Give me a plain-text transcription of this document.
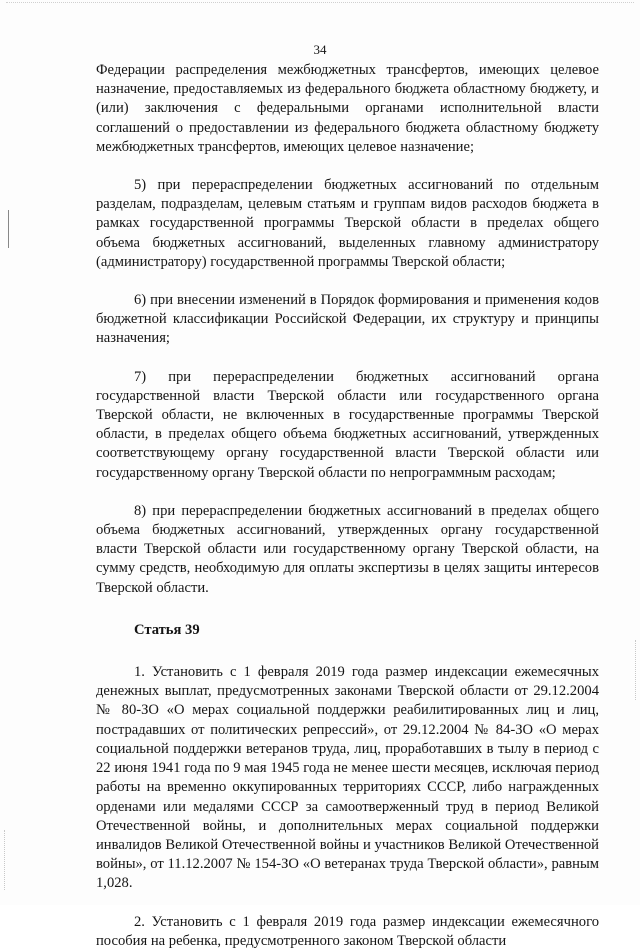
34

Федерации распределения межбюджетных трансфертов, имеющих целевое назначение, предоставляемых из федерального бюджета областному бюджету, и (или) заключения с федеральными органами исполнительной власти соглашений о предоставлении из федерального бюджета областному бюджету межбюджетных трансфертов, имеющих целевое назначение;

5) при перераспределении бюджетных ассигнований по отдельным разделам, подразделам, целевым статьям и группам видов расходов бюджета в рамках государственной программы Тверской области в пределах общего объема бюджетных ассигнований, выделенных главному администратору (администратору) государственной программы Тверской области;

6) при внесении изменений в Порядок формирования и применения кодов бюджетной классификации Российской Федерации, их структуру и принципы назначения;

7) при перераспределении бюджетных ассигнований органа государственной власти Тверской области или государственного органа Тверской области, не включенных в государственные программы Тверской области, в пределах общего объема бюджетных ассигнований, утвержденных соответствующему органу государственной власти Тверской области или государственному органу Тверской области по непрограммным расходам;

8) при перераспределении бюджетных ассигнований в пределах общего объема бюджетных ассигнований, утвержденных органу государственной власти Тверской области или государственному органу Тверской области, на сумму средств, необходимую для оплаты экспертизы в целях защиты интересов Тверской области.

Статья 39

1. Установить с 1 февраля 2019 года размер индексации ежемесячных денежных выплат, предусмотренных законами Тверской области от 29.12.2004 № 80-ЗО «О мерах социальной поддержки реабилитированных лиц и лиц, пострадавших от политических репрессий», от 29.12.2004 № 84-ЗО «О мерах социальной поддержки ветеранов труда, лиц, проработавших в тылу в период с 22 июня 1941 года по 9 мая 1945 года не менее шести месяцев, исключая период работы на временно оккупированных территориях СССР, либо награжденных орденами или медалями СССР за самоотверженный труд в период Великой Отечественной войны, и дополнительных мерах социальной поддержки инвалидов Великой Отечественной войны и участников Великой Отечественной войны», от 11.12.2007 № 154-ЗО «О ветеранах труда Тверской области», равным 1,028.

2. Установить с 1 февраля 2019 года размер индексации ежемесячного пособия на ребенка, предусмотренного законом Тверской области
